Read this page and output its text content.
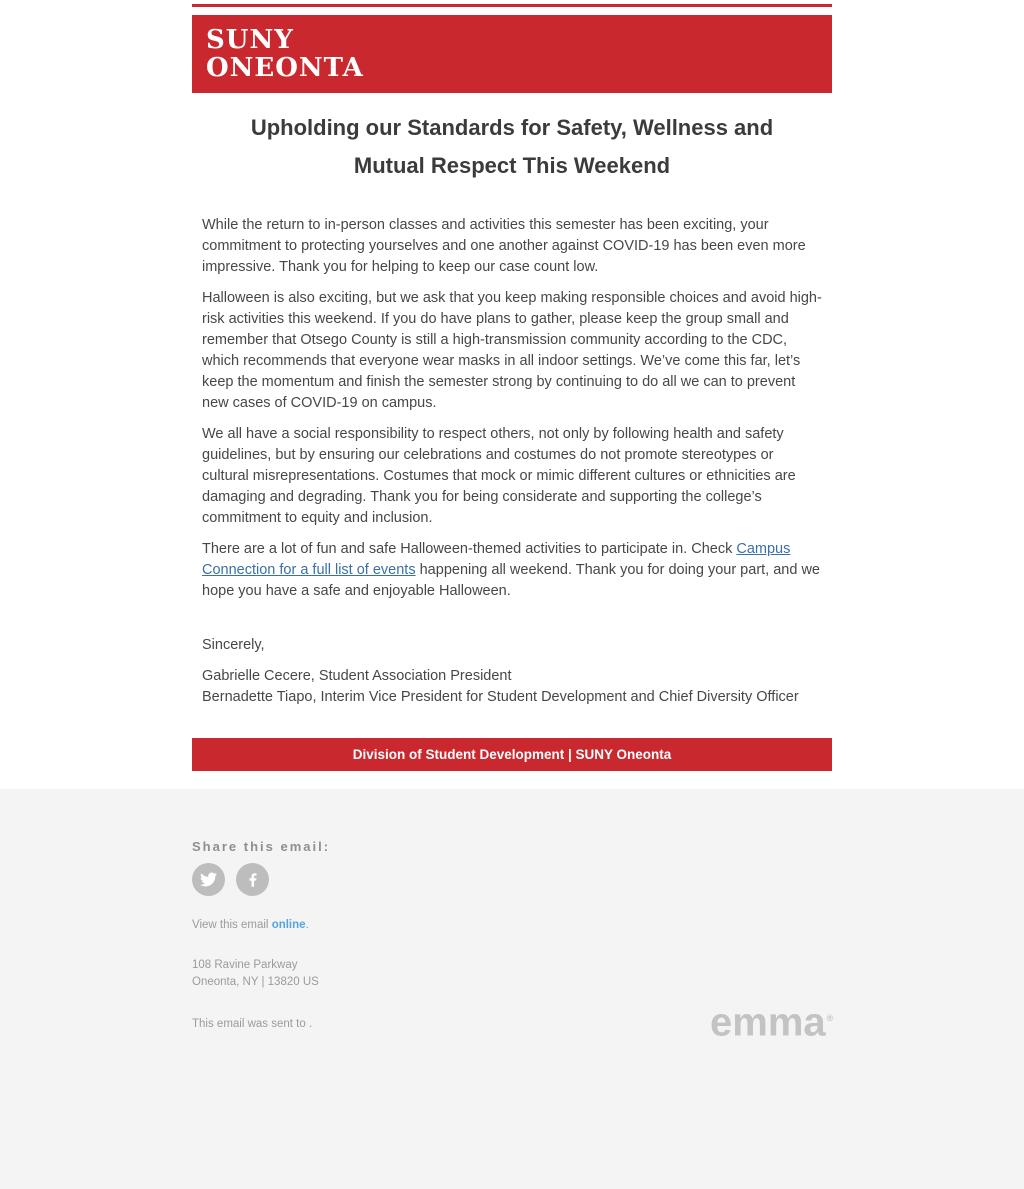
SUNY
ONEONTA
Upholding our Standards for Safety, Wellness and
Mutual Respect This Weekend

While the return to in-person classes and activities this semester has been exciting, your commitment to protecting yourselves and one another against COVID-19 has been even more impressive. Thank you for helping to keep our case count low.

Halloween is also exciting, but we ask that you keep making responsible choices and avoid high-risk activities this weekend. If you do have plans to gather, please keep the group small and remember that Otsego County is still a high-transmission community according to the CDC, which recommends that everyone wear masks in all indoor settings. We’ve come this far, let’s keep the momentum and finish the semester strong by continuing to do all we can to prevent new cases of COVID-19 on campus.

We all have a social responsibility to respect others, not only by following health and safety guidelines, but by ensuring our celebrations and costumes do not promote stereotypes or cultural misrepresentations. Costumes that mock or mimic different cultures or ethnicities are damaging and degrading. Thank you for being considerate and supporting the college’s commitment to equity and inclusion.

There are a lot of fun and safe Halloween-themed activities to participate in. Check Campus Connection for a full list of events happening all weekend. Thank you for doing your part, and we hope you have a safe and enjoyable Halloween.

Sincerely,

Gabrielle Cecere, Student Association President
Bernadette Tiapo, Interim Vice President for Student Development and Chief Diversity Officer

Division of Student Development | SUNY Oneonta
Share this email:
View this email online.
108 Ravine Parkway
Oneonta, NY | 13820 US
This email was sent to .	emma®
